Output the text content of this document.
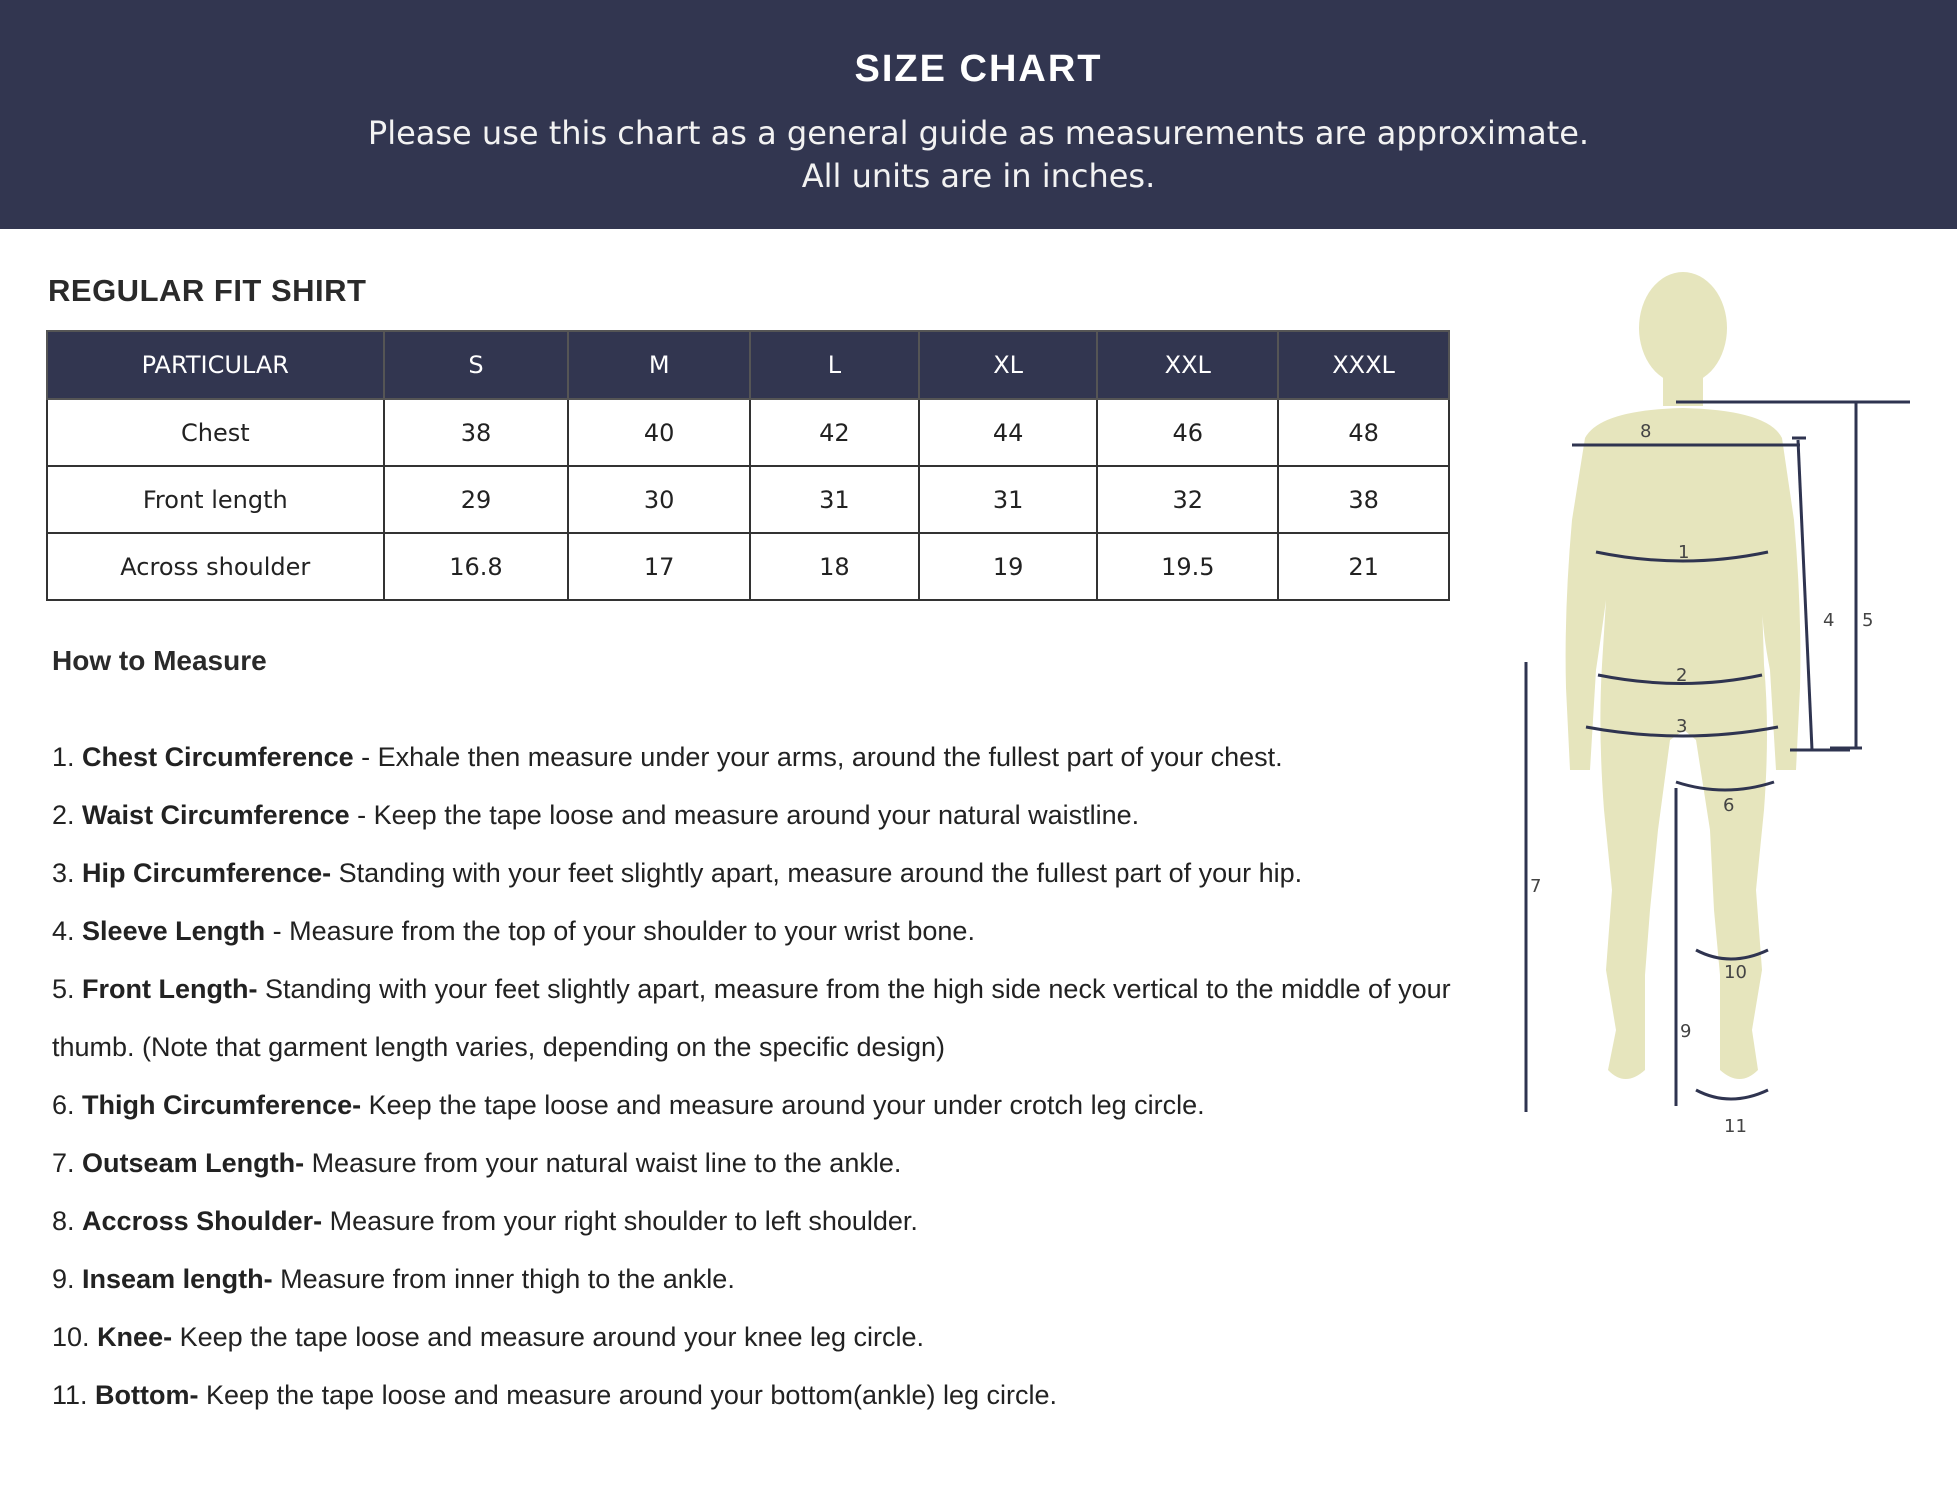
SIZE CHART
Please use this chart as a general guide as measurements are approximate.
All units are in inches.
REGULAR FIT SHIRT
PARTICULAR	S	M	L	XL	XXL	XXXL
Chest	38	40	42	44	46	48
Front length	29	30	31	31	32	38
Across shoulder	16.8	17	18	19	19.5	21
How to Measure
1. Chest Circumference - Exhale then measure under your arms, around the fullest part of your chest.
2. Waist Circumference - Keep the tape loose and measure around your natural waistline.
3. Hip Circumference- Standing with your feet slightly apart, measure around the fullest part of your hip.
4. Sleeve Length - Measure from the top of your shoulder to your wrist bone.
5. Front Length- Standing with your feet slightly apart, measure from the high side neck vertical to the middle of your thumb. (Note that garment length varies, depending on the specific design)
6. Thigh Circumference- Keep the tape loose and measure around your under crotch leg circle.
7. Outseam Length- Measure from your natural waist line to the ankle.
8. Accross Shoulder- Measure from your right shoulder to left shoulder.
9. Inseam length- Measure from inner thigh to the ankle.
10. Knee- Keep the tape loose and measure around your knee leg circle.
11. Bottom- Keep the tape loose and measure around your bottom(ankle) leg circle.
8
1
2
3
4 5
6
7
9
10
11
